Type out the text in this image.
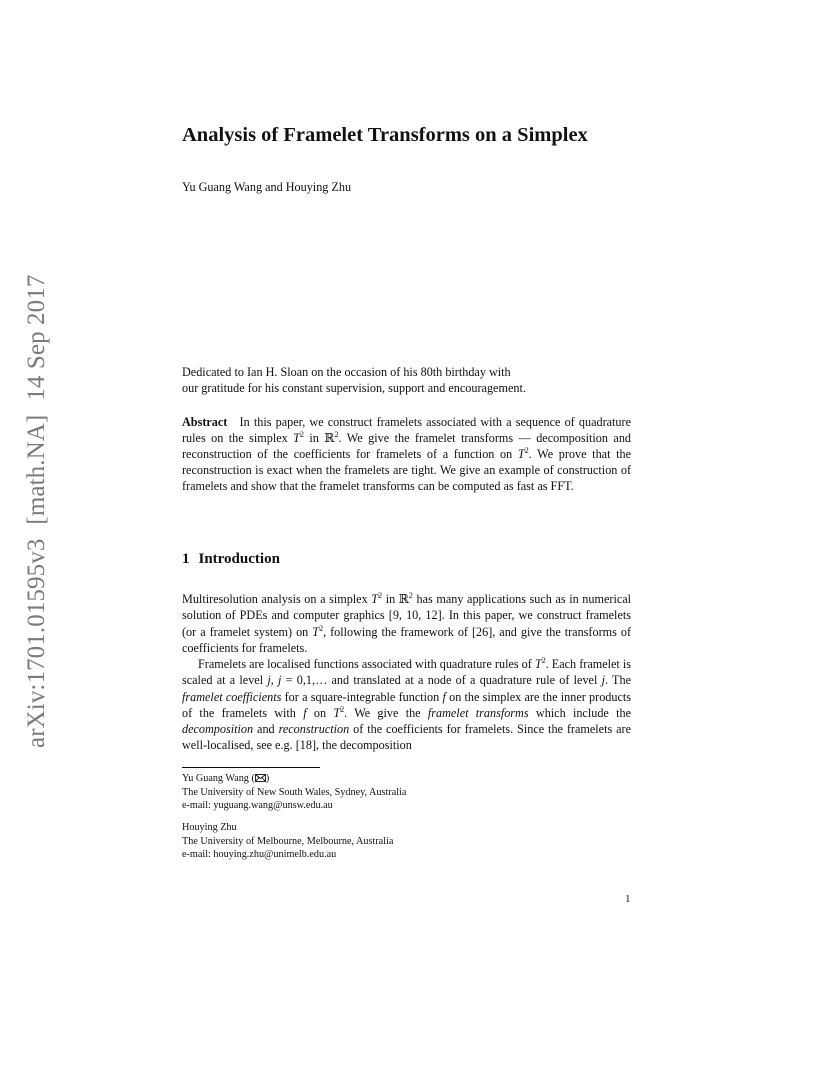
arXiv:1701.01595v3[math.NA]14 Sep 2017
Analysis of Framelet Transforms on a Simplex
Yu Guang Wang and Houying Zhu
Dedicated to Ian H. Sloan on the occasion of his 80th birthday with
our gratitude for his constant supervision, support and encouragement.
Abstract In this paper, we construct framelets associated with a sequence of quadrature rules on the simplex $T^2$ in ℝ$^2$. We give the framelet transforms — decomposition and reconstruction of the coefficients for framelets of a function on $T^2$. We prove that the reconstruction is exact when the framelets are tight. We give an example of construction of framelets and show that the framelet transforms can be computed as fast as FFT.
1 Introduction
Multiresolution analysis on a simplex $T^2$ in ℝ$^2$ has many applications such as in numerical solution of PDEs and computer graphics [9, 10, 12]. In this paper, we construct framelets (or a framelet system) on $T^2$, following the framework of [26], and give the transforms of coefficients for framelets.
Framelets are localised functions associated with quadrature rules of $T^2$. Each framelet is scaled at a level j, j = 0,1,… and translated at a node of a quadrature rule of level j. The framelet coefficients for a square-integrable function f on the simplex are the inner products of the framelets with f on $T^2$. We give the framelet transforms which include the decomposition and reconstruction of the coefficients for framelets. Since the framelets are well-localised, see e.g. [18], the decomposition
Yu Guang Wang ( )
The University of New South Wales, Sydney, Australia
e-mail: yuguang.wang@unsw.edu.au
Houying Zhu
The University of Melbourne, Melbourne, Australia
e-mail: houying.zhu@unimelb.edu.au
1
